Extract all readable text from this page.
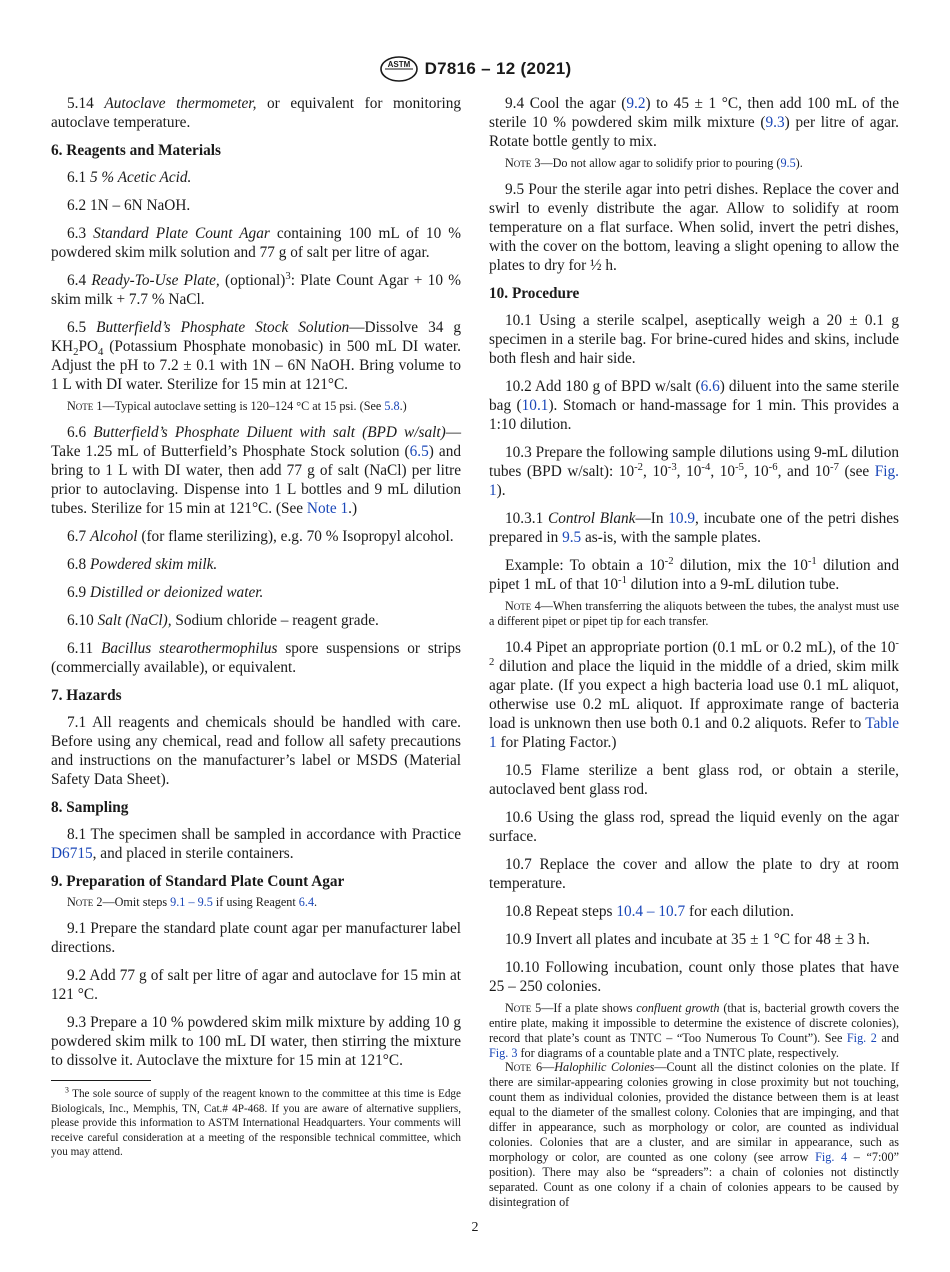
ASTM D7816 – 12 (2021)

5.14 Autoclave thermometer, or equivalent for monitoring autoclave temperature.

6. Reagents and Materials

6.1 5 % Acetic Acid.

6.2 1N – 6N NaOH.

6.3 Standard Plate Count Agar containing 100 mL of 10 % powdered skim milk solution and 77 g of salt per litre of agar.

6.4 Ready-To-Use Plate, (optional)$^3$: Plate Count Agar + 10 % skim milk + 7.7 % NaCl.

6.5 Butterfield’s Phosphate Stock Solution—Dissolve 34 g $KH_2PO_4$ (Potassium Phosphate monobasic) in 500 mL DI water. Adjust the pH to 7.2 ± 0.1 with 1N – 6N NaOH. Bring volume to 1 L with DI water. Sterilize for 15 min at 121°C.

Note 1—Typical autoclave setting is 120–124 °C at 15 psi. (See 5.8.)

6.6 Butterfield’s Phosphate Diluent with salt (BPD w/salt)—Take 1.25 mL of Butterfield’s Phosphate Stock solution (6.5) and bring to 1 L with DI water, then add 77 g of salt (NaCl) per litre prior to autoclaving. Dispense into 1 L bottles and 9 mL dilution tubes. Sterilize for 15 min at 121°C. (See Note 1.)

6.7 Alcohol (for flame sterilizing), e.g. 70 % Isopropyl alcohol.

6.8 Powdered skim milk.

6.9 Distilled or deionized water.

6.10 Salt (NaCl), Sodium chloride – reagent grade.

6.11 Bacillus stearothermophilus spore suspensions or strips (commercially available), or equivalent.

7. Hazards

7.1 All reagents and chemicals should be handled with care. Before using any chemical, read and follow all safety precautions and instructions on the manufacturer’s label or MSDS (Material Safety Data Sheet).

8. Sampling

8.1 The specimen shall be sampled in accordance with Practice D6715, and placed in sterile containers.

9. Preparation of Standard Plate Count Agar

Note 2—Omit steps 9.1 – 9.5 if using Reagent 6.4.

9.1 Prepare the standard plate count agar per manufacturer label directions.

9.2 Add 77 g of salt per litre of agar and autoclave for 15 min at 121 °C.

9.3 Prepare a 10 % powdered skim milk mixture by adding 10 g powdered skim milk to 100 mL DI water, then stirring the mixture to dissolve it. Autoclave the mixture for 15 min at 121°C.

$^3$ The sole source of supply of the reagent known to the committee at this time is Edge Biologicals, Inc., Memphis, TN, Cat.# 4P-468. If you are aware of alternative suppliers, please provide this information to ASTM International Headquarters. Your comments will receive careful consideration at a meeting of the responsible technical committee, which you may attend.

9.4 Cool the agar (9.2) to 45 ± 1 °C, then add 100 mL of the sterile 10 % powdered skim milk mixture (9.3) per litre of agar. Rotate bottle gently to mix.

Note 3—Do not allow agar to solidify prior to pouring (9.5).

9.5 Pour the sterile agar into petri dishes. Replace the cover and swirl to evenly distribute the agar. Allow to solidify at room temperature on a flat surface. When solid, invert the petri dishes, with the cover on the bottom, leaving a slight opening to allow the plates to dry for ½ h.

10. Procedure

10.1 Using a sterile scalpel, aseptically weigh a 20 ± 0.1 g specimen in a sterile bag. For brine-cured hides and skins, include both flesh and hair side.

10.2 Add 180 g of BPD w/salt (6.6) diluent into the same sterile bag (10.1). Stomach or hand-massage for 1 min. This provides a 1:10 dilution.

10.3 Prepare the following sample dilutions using 9-mL dilution tubes (BPD w/salt): $10^{-2}$, $10^{-3}$, $10^{-4}$, $10^{-5}$, $10^{-6}$, and $10^{-7}$ (see Fig. 1).

10.3.1 Control Blank—In 10.9, incubate one of the petri dishes prepared in 9.5 as-is, with the sample plates.

Example: To obtain a $10^{-2}$ dilution, mix the $10^{-1}$ dilution and pipet 1 mL of that $10^{-1}$ dilution into a 9-mL dilution tube.

Note 4—When transferring the aliquots between the tubes, the analyst must use a different pipet or pipet tip for each transfer.

10.4 Pipet an appropriate portion (0.1 mL or 0.2 mL), of the $10^{-2}$ dilution and place the liquid in the middle of a dried, skim milk agar plate. (If you expect a high bacteria load use 0.1 mL aliquot, otherwise use 0.2 mL aliquot. If approximate range of bacteria load is unknown then use both 0.1 and 0.2 aliquots. Refer to Table 1 for Plating Factor.)

10.5 Flame sterilize a bent glass rod, or obtain a sterile, autoclaved bent glass rod.

10.6 Using the glass rod, spread the liquid evenly on the agar surface.

10.7 Replace the cover and allow the plate to dry at room temperature.

10.8 Repeat steps 10.4 – 10.7 for each dilution.

10.9 Invert all plates and incubate at 35 ± 1 °C for 48 ± 3 h.

10.10 Following incubation, count only those plates that have 25 – 250 colonies.

Note 5—If a plate shows confluent growth (that is, bacterial growth covers the entire plate, making it impossible to determine the existence of discrete colonies), record that plate’s count as TNTC – “Too Numerous To Count”). See Fig. 2 and Fig. 3 for diagrams of a countable plate and a TNTC plate, respectively.

Note 6—Halophilic Colonies—Count all the distinct colonies on the plate. If there are similar-appearing colonies growing in close proximity but not touching, count them as individual colonies, provided the distance between them is at least equal to the diameter of the smallest colony. Colonies that are impinging, and that differ in appearance, such as morphology or color, are counted as individual colonies. Colonies that are a cluster, and are similar in appearance, such as morphology or color, are counted as one colony (see arrow Fig. 4 – “7:00” position). There may also be “spreaders”: a chain of colonies not distinctly separated. Count as one colony if a chain of colonies appears to be caused by disintegration of

2
